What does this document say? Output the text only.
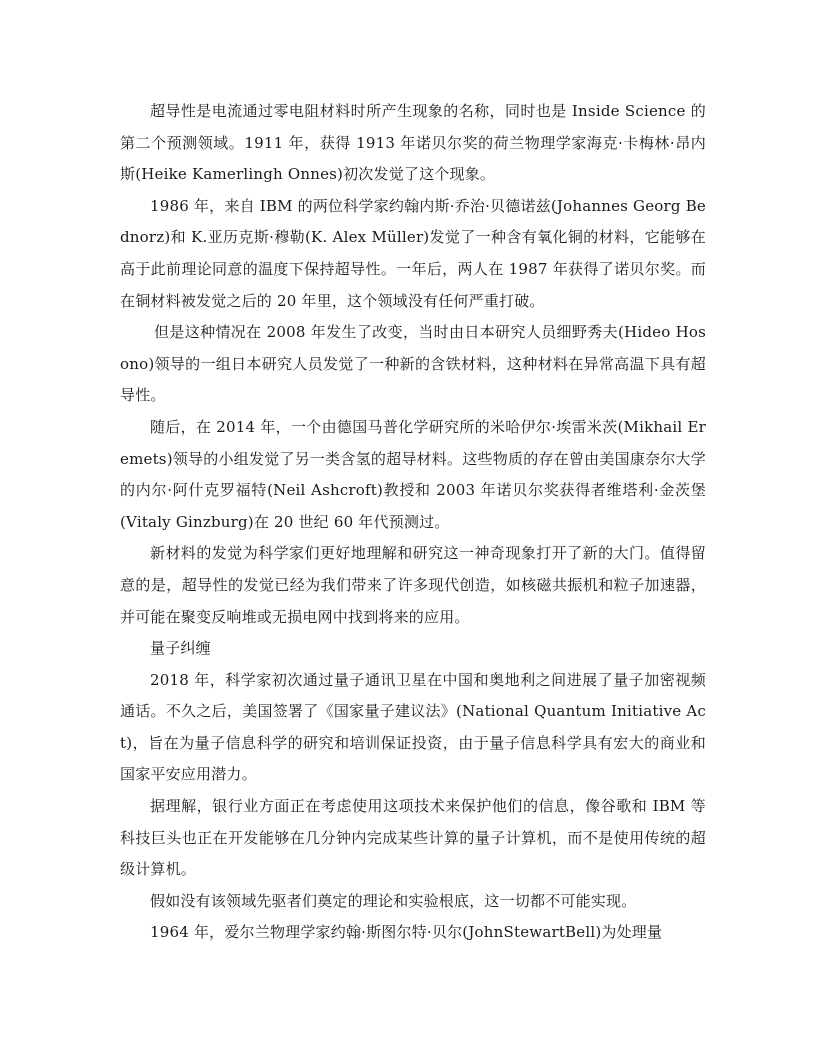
超导性是电流通过零电阻材料时所产生现象的名称，同时也是 Inside Science 的第二个预测领域。1911 年，获得 1913 年诺贝尔奖的荷兰物理学家海克·卡梅林·昂内斯(Heike Kamerlingh Onnes)初次发觉了这个现象。

1986 年，来自 IBM 的两位科学家约翰内斯·乔治·贝德诺兹(Johannes Georg Bednorz)和 K.亚历克斯·穆勒(K. Alex Müller)发觉了一种含有氧化铜的材料，它能够在高于此前理论同意的温度下保持超导性。一年后，两人在 1987 年获得了诺贝尔奖。而在铜材料被发觉之后的 20 年里，这个领域没有任何严重打破。

但是这种情况在 2008 年发生了改变，当时由日本研究人员细野秀夫(Hideo Hosono)领导的一组日本研究人员发觉了一种新的含铁材料，这种材料在异常高温下具有超导性。

随后，在 2014 年，一个由德国马普化学研究所的米哈伊尔·埃雷米茨(Mikhail Eremets)领导的小组发觉了另一类含氢的超导材料。这些物质的存在曾由美国康奈尔大学的内尔·阿什克罗福特(Neil Ashcroft)教授和 2003 年诺贝尔奖获得者维塔利·金茨堡(Vitaly Ginzburg)在 20 世纪 60 年代预测过。

新材料的发觉为科学家们更好地理解和研究这一神奇现象打开了新的大门。值得留意的是，超导性的发觉已经为我们带来了许多现代创造，如核磁共振机和粒子加速器，并可能在聚变反响堆或无损电网中找到将来的应用。

量子纠缠

2018 年，科学家初次通过量子通讯卫星在中国和奥地利之间进展了量子加密视频通话。不久之后，美国签署了《国家量子建议法》(National Quantum Initiative Act)，旨在为量子信息科学的研究和培训保证投资，由于量子信息科学具有宏大的商业和国家平安应用潜力。

据理解，银行业方面正在考虑使用这项技术来保护他们的信息，像谷歌和 IBM 等科技巨头也正在开发能够在几分钟内完成某些计算的量子计算机，而不是使用传统的超级计算机。

假如没有该领域先驱者们奠定的理论和实验根底，这一切都不可能实现。

1964 年，爱尔兰物理学家约翰·斯图尔特·贝尔(JohnStewartBell)为处理量
